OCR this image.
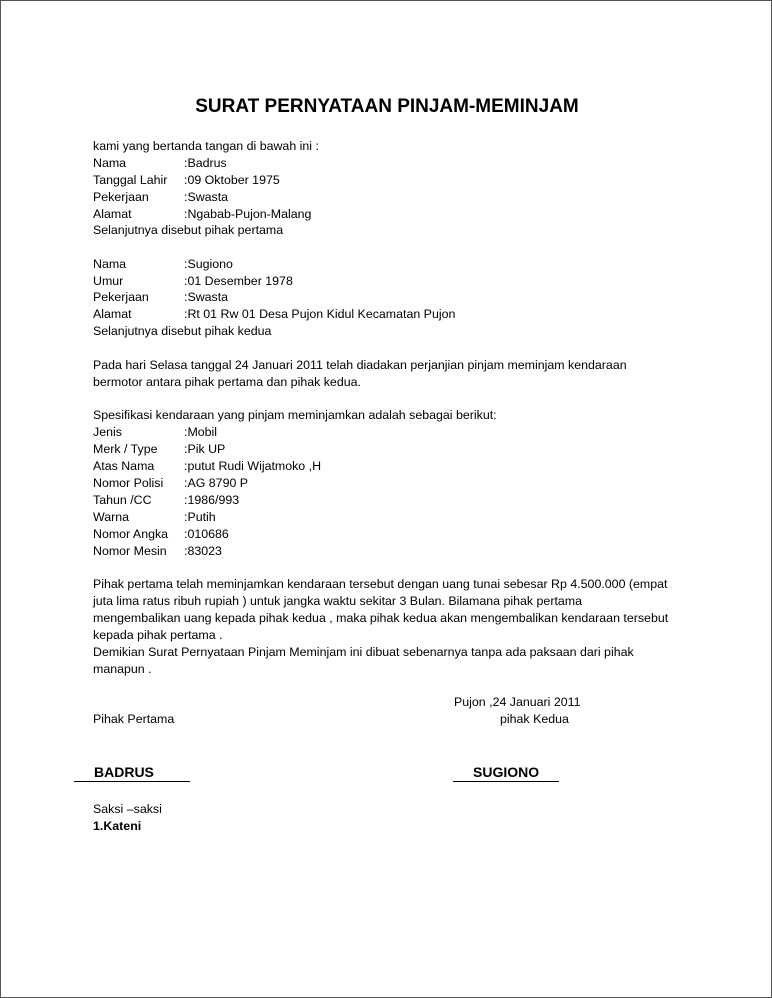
SURAT PERNYATAAN PINJAM-MEMINJAM
kami yang bertanda tangan di bawah ini :
Nama	:Badrus
Tanggal Lahir :09 Oktober 1975
Pekerjaan	:Swasta
Alamat	:Ngabab-Pujon-Malang
Selanjutnya disebut pihak pertama
Nama	:Sugiono
Umur	:01 Desember 1978
Pekerjaan	:Swasta
Alamat	:Rt 01 Rw 01 Desa Pujon Kidul Kecamatan Pujon
Selanjutnya disebut pihak kedua
Pada hari Selasa tanggal 24 Januari 2011 telah diadakan perjanjian pinjam meminjam kendaraan
bermotor antara pihak pertama dan pihak kedua.
Spesifikasi kendaraan yang pinjam meminjamkan adalah sebagai berikut:
Jenis	:Mobil
Merk / Type :Pik UP
Atas Nama :putut Rudi Wijatmoko ,H
Nomor Polisi :AG 8790 P
Tahun /CC	:1986/993
Warna	:Putih
Nomor Angka :010686
Nomor Mesin :83023
Pihak pertama telah meminjamkan kendaraan tersebut dengan uang tunai sebesar Rp 4.500.000 (empat
juta lima ratus ribuh rupiah ) untuk jangka waktu sekitar 3 Bulan. Bilamana pihak pertama
mengembalikan uang kepada pihak kedua , maka pihak kedua akan mengembalikan kendaraan tersebut
kepada pihak pertama .
Demikian Surat Pernyataan Pinjam Meminjam ini dibuat sebenarnya tanpa ada paksaan dari pihak
manapun .
Pujon ,24 Januari 2011
Pihak Pertama	pihak Kedua
BADRUS	SUGIONO
Saksi –saksi
1.Kateni
